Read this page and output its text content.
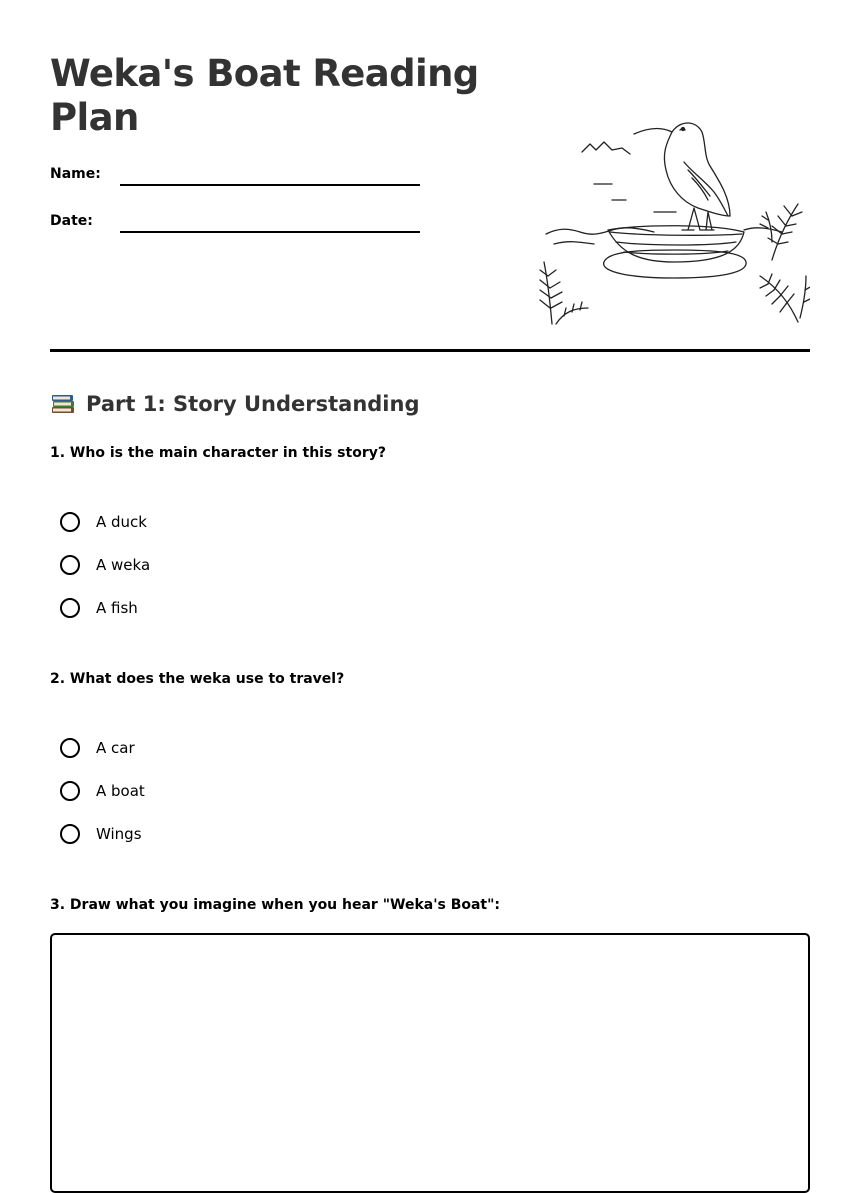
Weka's Boat Reading Plan
Name:
Date:
Part 1: Story Understanding

1. Who is the main character in this story?

A duck
A weka
A fish

2. What does the weka use to travel?

A car
A boat
Wings

3. Draw what you imagine when you hear "Weka's Boat":
